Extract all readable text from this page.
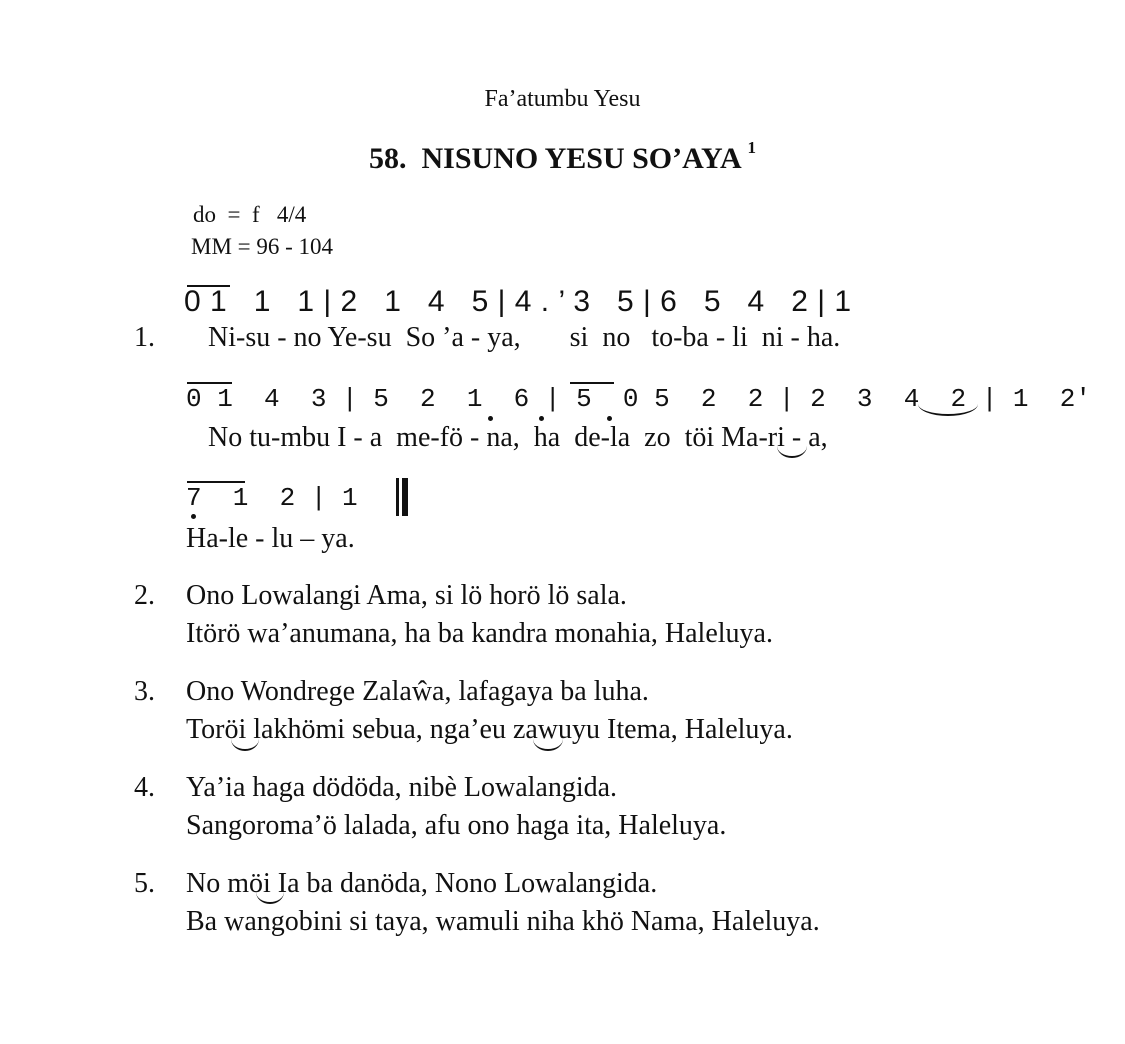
Fa’atumbu Yesu
58.  NISUNO YESU SO’AYA $^1$
do  =  f   4/4
MM = 96 - 104
0 1   1   1 | 2   1   4   5 | 4 . ’ 3   5 | 6   5   4   2 | 1
1. Ni-su - no Ye-su  So ’a - ya,       si  no   to-ba - li  ni - ha.
0 1  4  3 | 5  2  1  6 | 5  0 5  2  2 | 2  3  4  2 | 1  2'
No tu-mbu I - a  me-fö - na,  ha  de-la  zo  töi Ma-ri - a,
7  1  2 | 1
Ha-le - lu – ya.
2. Ono Lowalangi Ama, si lö horö lö sala.
Itörö wa’anumana, ha ba kandra monahia, Haleluya.
3. Ono Wondrege Zalaŵa, lafagaya ba luha.
Toröi lakhömi sebua, nga’eu zawuyu Itema, Haleluya.
4. Ya’ia haga dödöda, nibè Lowalangida.
Sangoroma’ö lalada, afu ono haga ita, Haleluya.
5. No möi Ia ba danöda, Nono Lowalangida.
Ba wangobini si taya, wamuli niha khö Nama, Haleluya.
